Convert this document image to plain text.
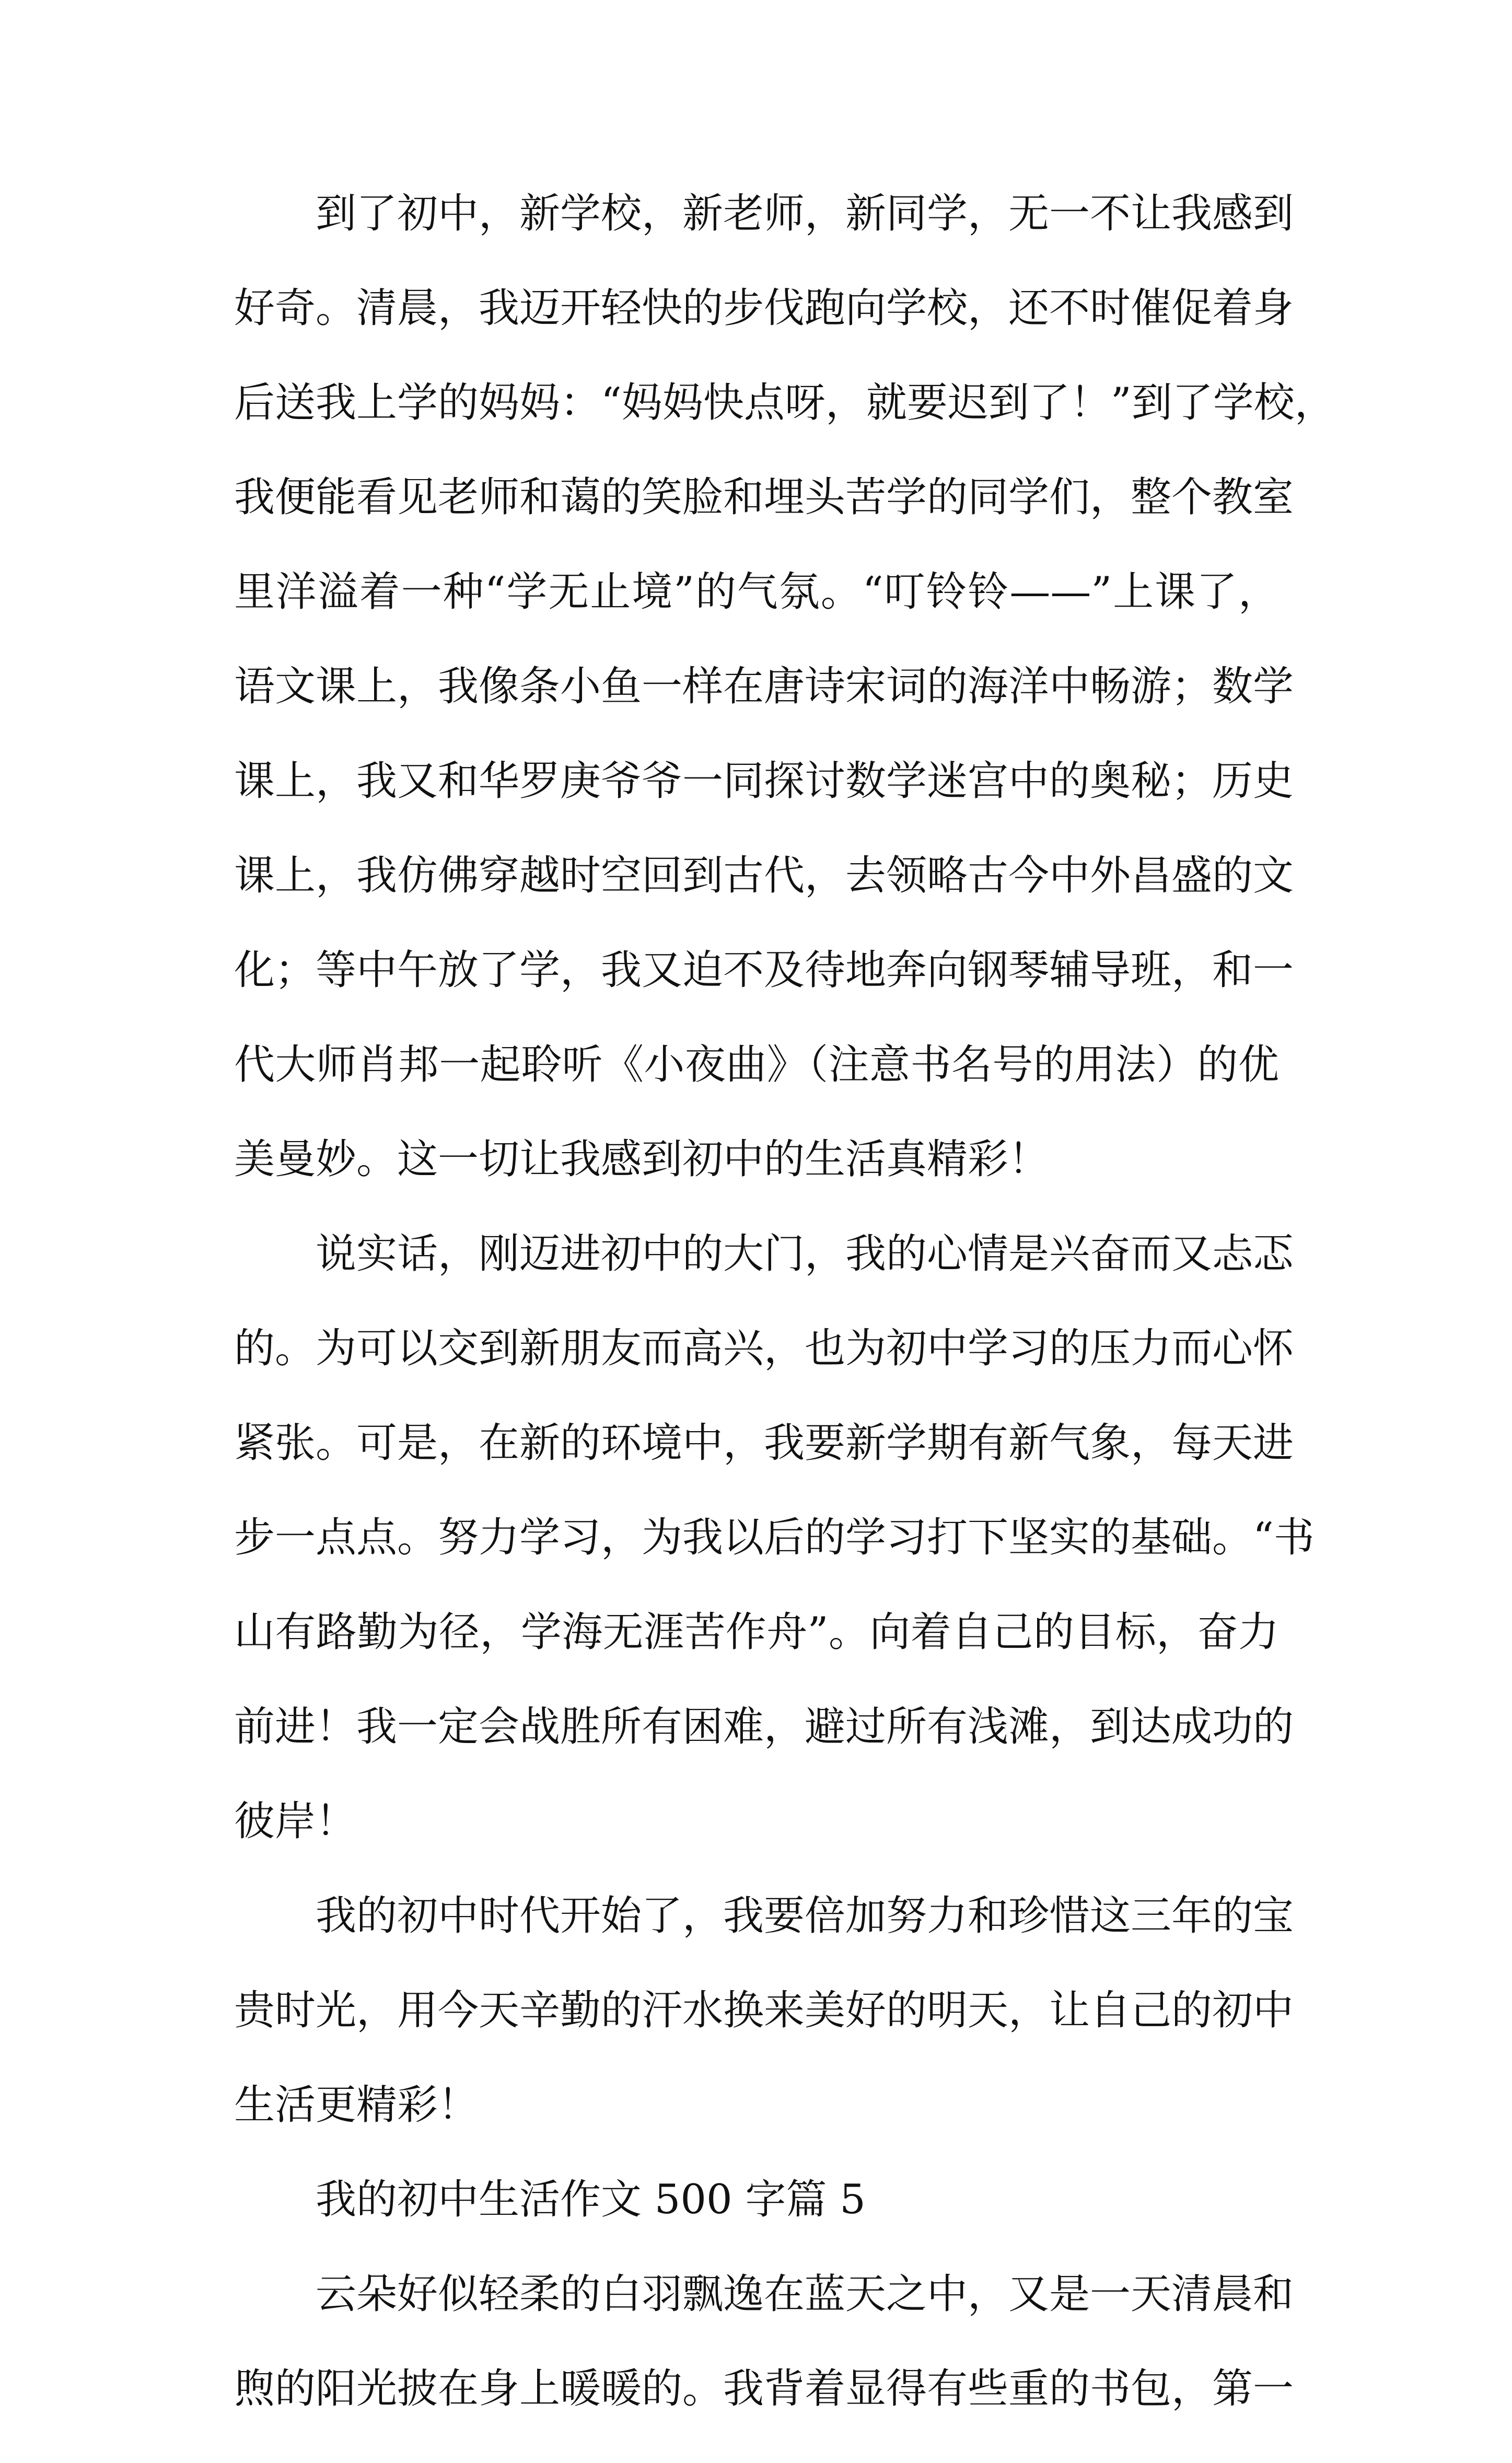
到了初中，新学校，新老师，新同学，无一不让我感到
好奇。清晨，我迈开轻快的步伐跑向学校，还不时催促着身
后送我上学的妈妈：“妈妈快点呀，就要迟到了！”到了学校，
我便能看见老师和蔼的笑脸和埋头苦学的同学们，整个教室
里洋溢着一种“学无止境”的气氛。“叮铃铃——”上课了，
语文课上，我像条小鱼一样在唐诗宋词的海洋中畅游；数学
课上，我又和华罗庚爷爷一同探讨数学迷宫中的奥秘；历史
课上，我仿佛穿越时空回到古代，去领略古今中外昌盛的文
化；等中午放了学，我又迫不及待地奔向钢琴辅导班，和一
代大师肖邦一起聆听《小夜曲》（注意书名号的用法）的优
美曼妙。这一切让我感到初中的生活真精彩！
说实话，刚迈进初中的大门，我的心情是兴奋而又忐忑
的。为可以交到新朋友而高兴，也为初中学习的压力而心怀
紧张。可是，在新的环境中，我要新学期有新气象，每天进
步一点点。努力学习，为我以后的学习打下坚实的基础。“书
山有路勤为径，学海无涯苦作舟”。向着自己的目标，奋力
前进！我一定会战胜所有困难，避过所有浅滩，到达成功的
彼岸！
我的初中时代开始了，我要倍加努力和珍惜这三年的宝
贵时光，用今天辛勤的汗水换来美好的明天，让自己的初中
生活更精彩！
我的初中生活作文 500 字篇 5
云朵好似轻柔的白羽飘逸在蓝天之中，又是一天清晨和
煦的阳光披在身上暖暖的。我背着显得有些重的书包，第一
